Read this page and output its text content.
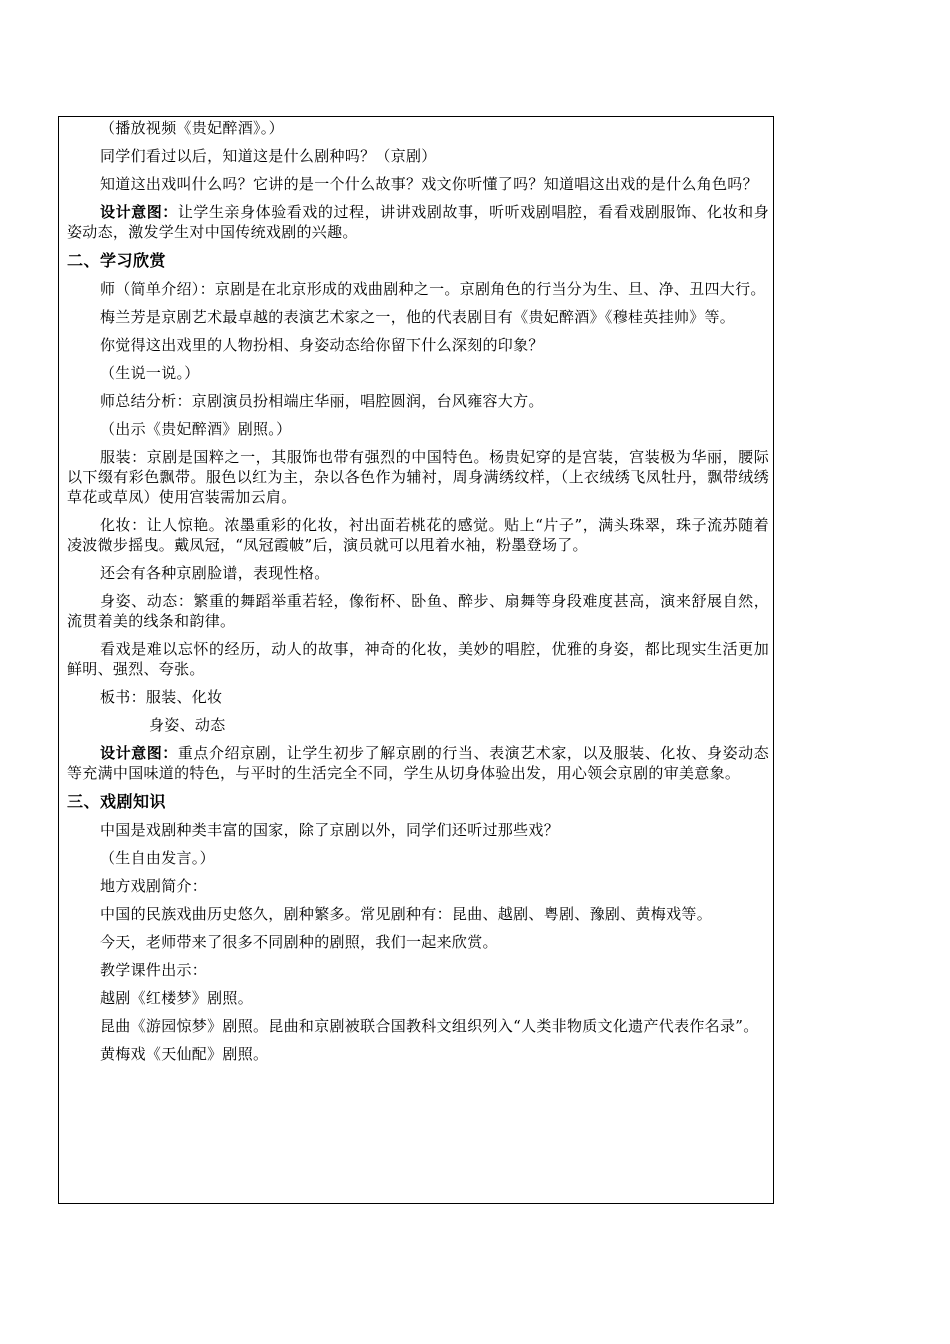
（播放视频《贵妃醉酒》。）

同学们看过以后，知道这是什么剧种吗？（京剧）

知道这出戏叫什么吗？它讲的是一个什么故事？戏文你听懂了吗？知道唱这出戏的是什么角色吗？

设计意图：让学生亲身体验看戏的过程，讲讲戏剧故事，听听戏剧唱腔，看看戏剧服饰、化妆和身姿动态，激发学生对中国传统戏剧的兴趣。

二、学习欣赏

师（简单介绍）：京剧是在北京形成的戏曲剧种之一。京剧角色的行当分为生、旦、净、丑四大行。

梅兰芳是京剧艺术最卓越的表演艺术家之一，他的代表剧目有《贵妃醉酒》《穆桂英挂帅》等。

你觉得这出戏里的人物扮相、身姿动态给你留下什么深刻的印象？

（生说一说。）

师总结分析：京剧演员扮相端庄华丽，唱腔圆润，台风雍容大方。

（出示《贵妃醉酒》剧照。）

服装：京剧是国粹之一，其服饰也带有强烈的中国特色。杨贵妃穿的是宫装，宫装极为华丽，腰际以下缀有彩色飘带。服色以红为主，杂以各色作为辅衬，周身满绣纹样，（上衣绒绣飞凤牡丹，飘带绒绣草花或草凤）使用宫装需加云肩。

化妆：让人惊艳。浓墨重彩的化妆，衬出面若桃花的感觉。贴上“片子”，满头珠翠，珠子流苏随着凌波微步摇曳。戴凤冠，“凤冠霞帔”后，演员就可以甩着水袖，粉墨登场了。

还会有各种京剧脸谱，表现性格。

身姿、动态：繁重的舞蹈举重若轻，像衔杯、卧鱼、醉步、扇舞等身段难度甚高，演来舒展自然，流贯着美的线条和韵律。

看戏是难以忘怀的经历，动人的故事，神奇的化妆，美妙的唱腔，优雅的身姿，都比现实生活更加鲜明、强烈、夸张。

板书：服装、化妆

身姿、动态

设计意图：重点介绍京剧，让学生初步了解京剧的行当、表演艺术家，以及服装、化妆、身姿动态等充满中国味道的特色，与平时的生活完全不同，学生从切身体验出发，用心领会京剧的审美意象。

三、戏剧知识

中国是戏剧种类丰富的国家，除了京剧以外，同学们还听过那些戏？

（生自由发言。）

地方戏剧简介：

中国的民族戏曲历史悠久，剧种繁多。常见剧种有：昆曲、越剧、粤剧、豫剧、黄梅戏等。

今天，老师带来了很多不同剧种的剧照，我们一起来欣赏。

教学课件出示：

越剧《红楼梦》剧照。

昆曲《游园惊梦》剧照。昆曲和京剧被联合国教科文组织列入“人类非物质文化遗产代表作名录”。

黄梅戏《天仙配》剧照。
